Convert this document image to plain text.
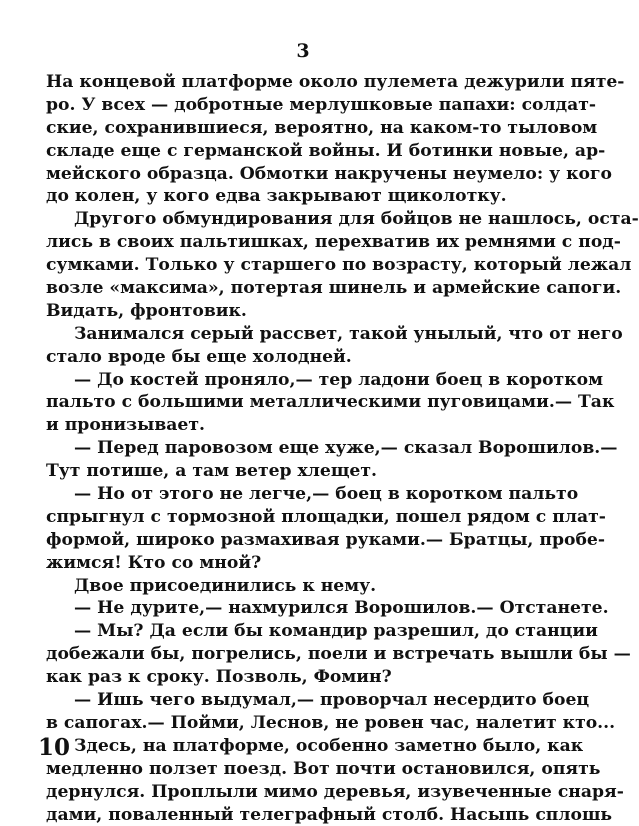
3
На концевой платформе около пулемета дежурили пяте-
ро. У всех — добротные мерлушковые папахи: солдат-
ские, сохранившиеся, вероятно, на каком-то тыловом
складе еще с германской войны. И ботинки новые, ар-
мейского образца. Обмотки накручены неумело: у кого
до колен, у кого едва закрывают щиколотку.
Другого обмундирования для бойцов не нашлось, оста-
лись в своих пальтишках, перехватив их ремнями с под-
сумками. Только у старшего по возрасту, который лежал
возле «максима», потертая шинель и армейские сапоги.
Видать, фронтовик.
Занимался серый рассвет, такой унылый, что от него
стало вроде бы еще холодней.
— До костей проняло,— тер ладони боец в коротком
пальто с большими металлическими пуговицами.— Так
и пронизывает.
— Перед паровозом еще хуже,— сказал Ворошилов.—
Тут потише, а там ветер хлещет.
— Но от этого не легче,— боец в коротком пальто
спрыгнул с тормозной площадки, пошел рядом с плат-
формой, широко размахивая руками.— Братцы, пробе-
жимся! Кто со мной?
Двое присоединились к нему.
— Не дурите,— нахмурился Ворошилов.— Отстанете.
— Мы? Да если бы командир разрешил, до станции
добежали бы, погрелись, поели и встречать вышли бы —
как раз к сроку. Позволь, Фомин?
— Ишь чего выдумал,— проворчал несердито боец
в сапогах.— Пойми, Леснов, не ровен час, налетит кто...
Здесь, на платформе, особенно заметно было, как
медленно ползет поезд. Вот почти остановился, опять
дернулся. Проплыли мимо деревья, изувеченные снаря-
дами, поваленный телеграфный столб. Насыпь сплошь
10
